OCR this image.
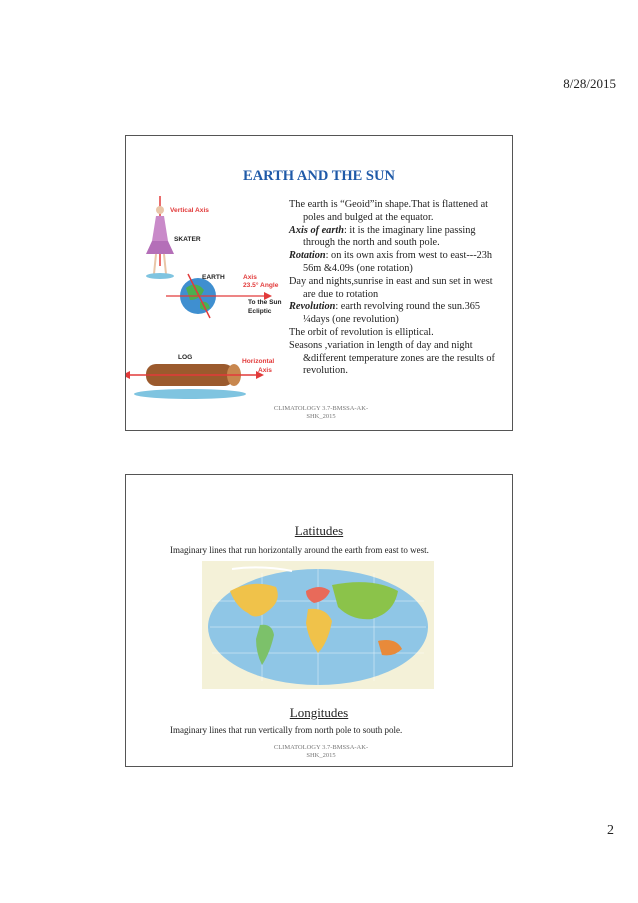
8/28/2015
EARTH AND THE SUN
Vertical Axis
SKATER
EARTH	Axis
23.5° Angle
To the Sun
Ecliptic
LOG
Horizontal
Axis

The earth is “Geoid”in shape.That is flattened at poles and bulged at the equator.

Axis of earth: it is the imaginary line passing through the north and south pole.

Rotation: on its own axis from west to east---23h 56m &4.09s (one rotation)

Day and nights,sunrise in east and sun set in west are due to rotation

Revolution: earth revolving round the sun.365 ¼days (one revolution)

The orbit of revolution is elliptical.

Seasons ,variation in length of day and night &different temperature zones are the results of revolution.

CLIMATOLOGY 3.7-BMSSA-AK-
SHK_2015
Latitudes
Imaginary lines that run horizontally around the earth from east to west.
Longitudes
Imaginary lines that run vertically from north pole to south pole.
CLIMATOLOGY 3.7-BMSSA-AK-
SHK_2015
2
